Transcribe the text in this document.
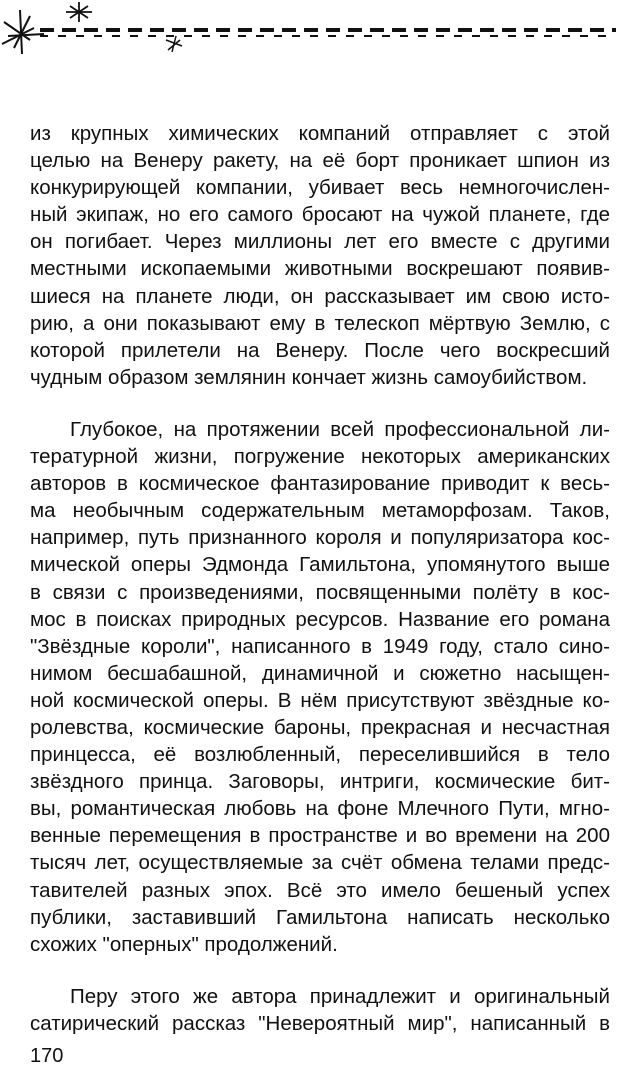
из крупных химических компаний отправляет с этой
целью на Венеру ракету, на её борт проникает шпион из
конкурирующей компании, убивает весь немногочислен-
ный экипаж, но его самого бросают на чужой планете, где
он погибает. Через миллионы лет его вместе с другими
местными ископаемыми животными воскрешают появив-
шиеся на планете люди, он рассказывает им свою исто-
рию, а они показывают ему в телескоп мёртвую Землю, с
которой прилетели на Венеру. После чего воскресший
чудным образом землянин кончает жизнь самоубийством.
Глубокое, на протяжении всей профессиональной ли-
тературной жизни, погружение некоторых американских
авторов в космическое фантазирование приводит к весь-
ма необычным содержательным метаморфозам. Таков,
например, путь признанного короля и популяризатора кос-
мической оперы Эдмонда Гамильтона, упомянутого выше
в связи с произведениями, посвященными полёту в кос-
мос в поисках природных ресурсов. Название его романа
"Звёздные короли", написанного в 1949 году, стало сино-
нимом бесшабашной, динамичной и сюжетно насыщен-
ной космической оперы. В нём присутствуют звёздные ко-
ролевства, космические бароны, прекрасная и несчастная
принцесса, её возлюбленный, переселившийся в тело
звёздного принца. Заговоры, интриги, космические бит-
вы, романтическая любовь на фоне Млечного Пути, мгно-
венные перемещения в пространстве и во времени на 200
тысяч лет, осуществляемые за счёт обмена телами предс-
тавителей разных эпох. Всё это имело бешеный успех
публики, заставивший Гамильтона написать несколько
схожих "оперных" продолжений.
Перу этого же автора принадлежит и оригинальный
сатирический рассказ "Невероятный мир", написанный в
170
